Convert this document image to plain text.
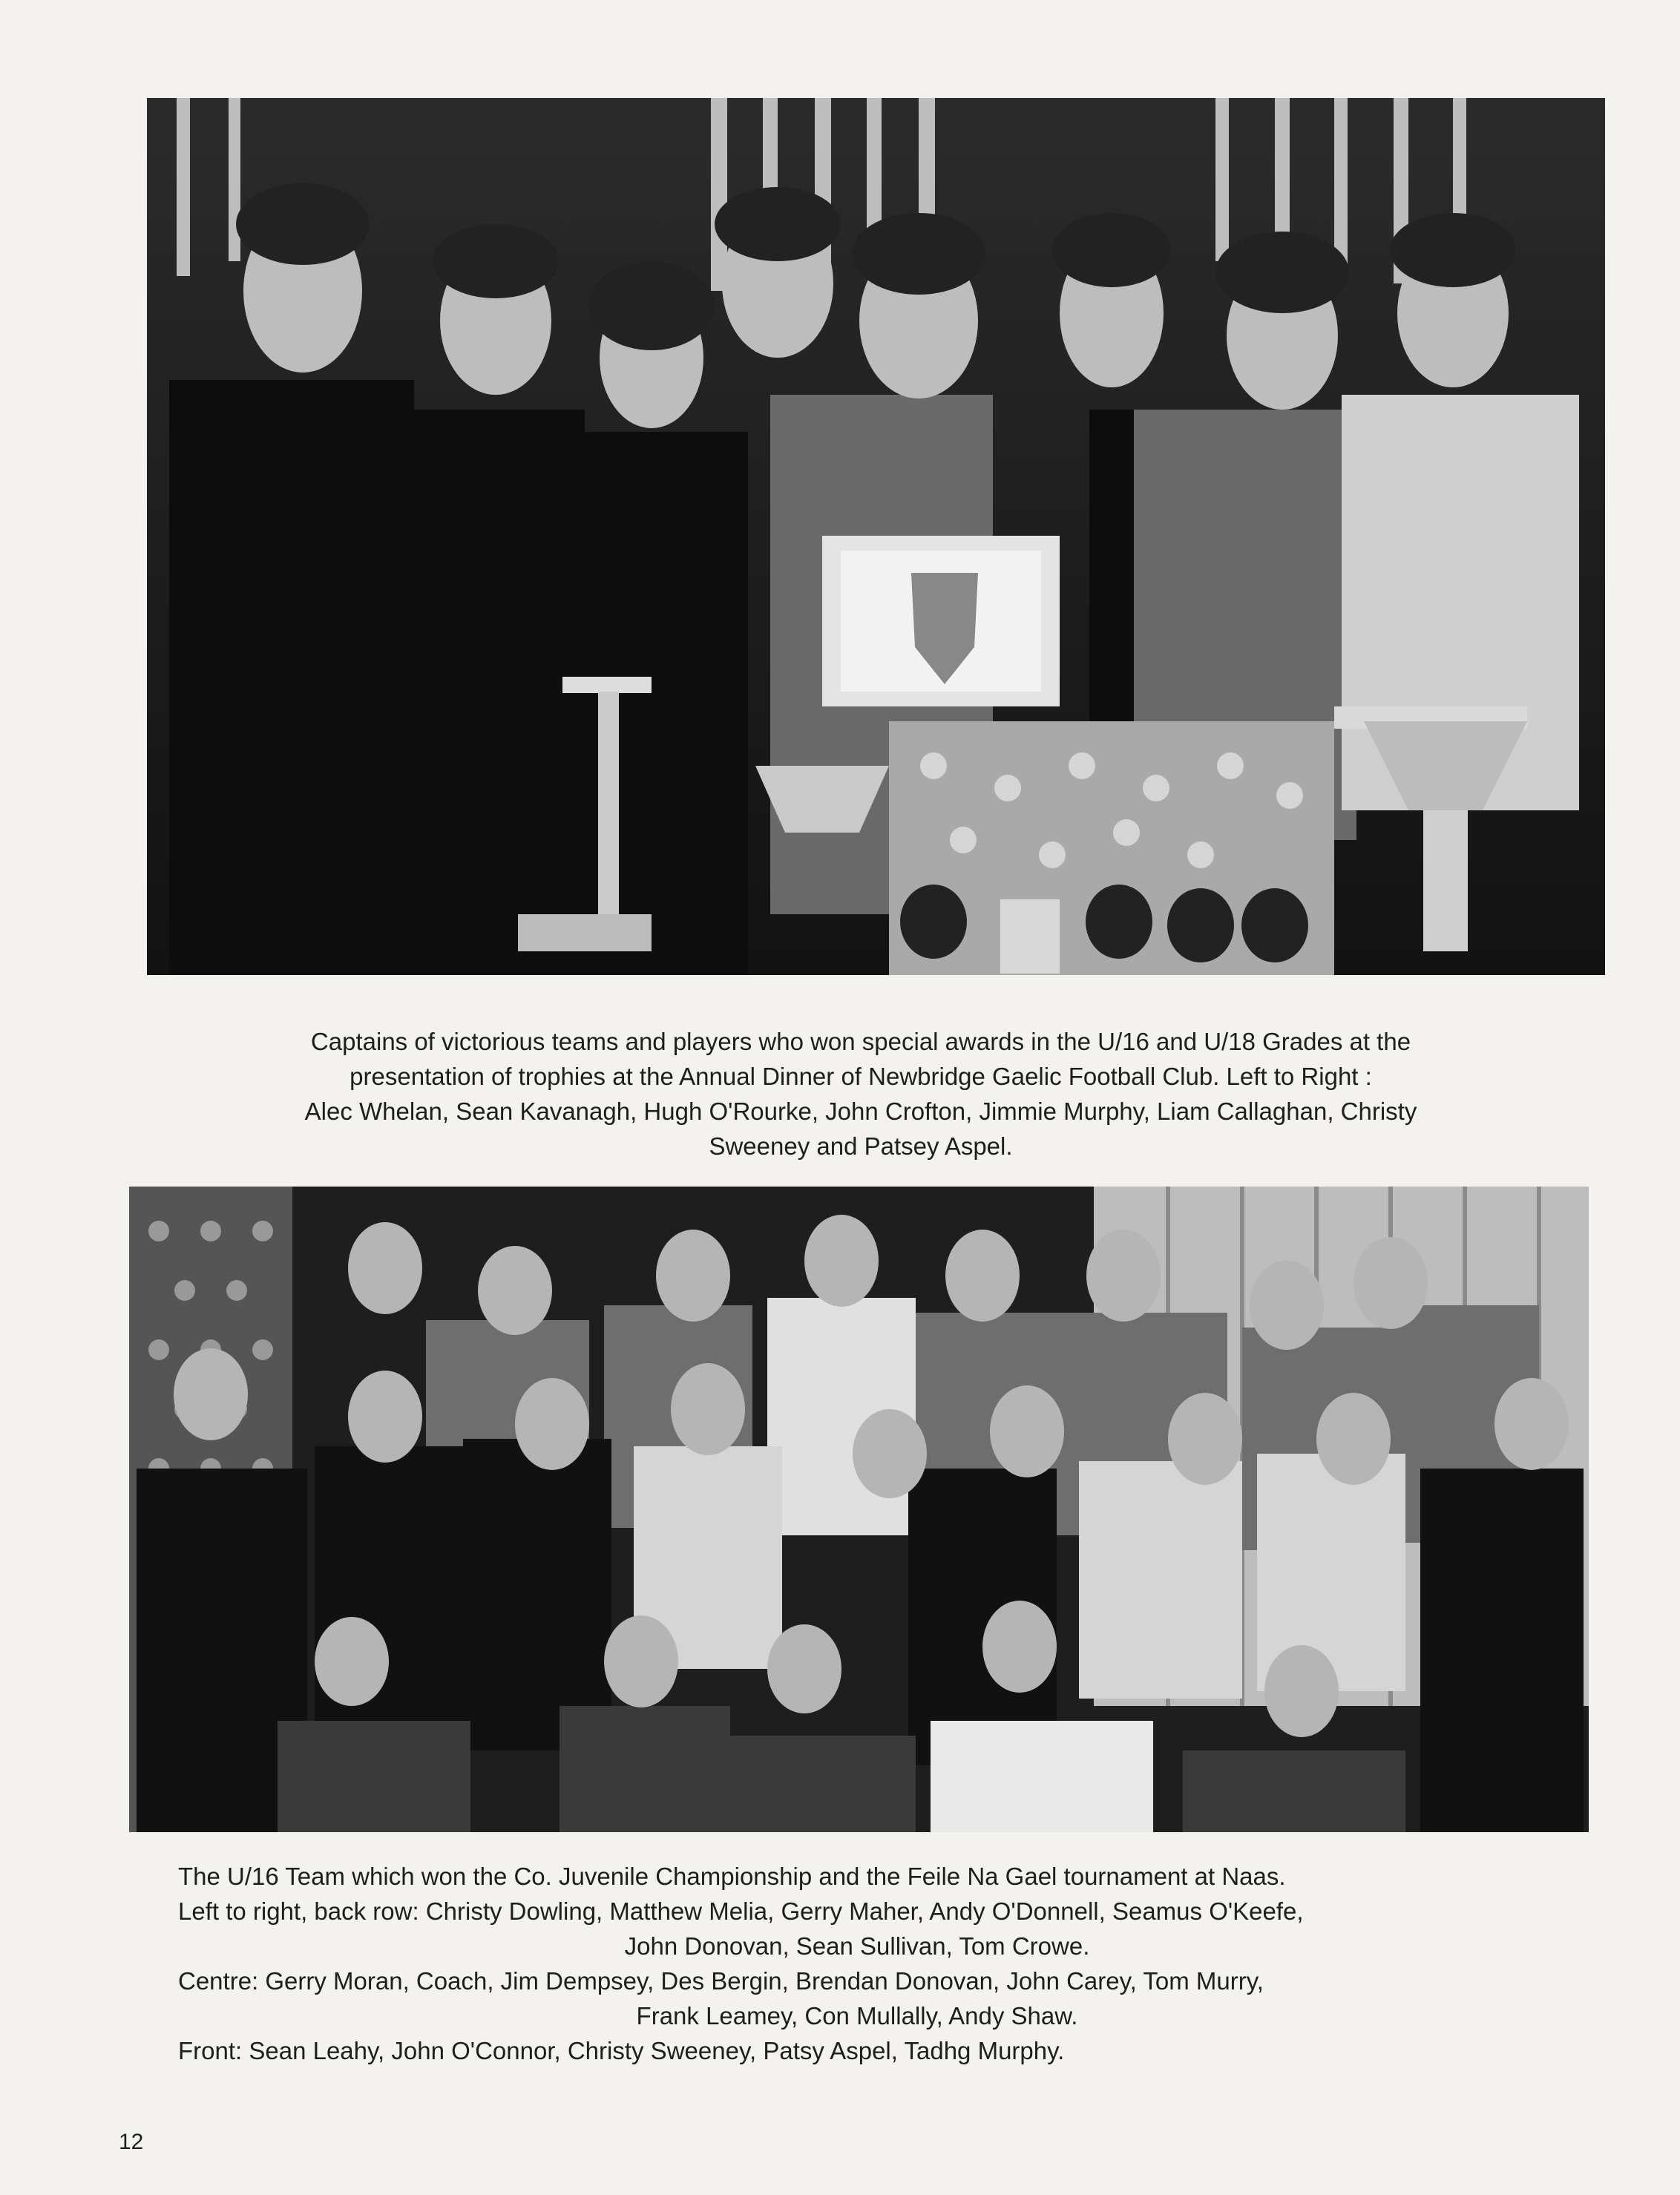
Captains of victorious teams and players who won special awards in the U/16 and U/18 Grades at the
presentation of trophies at the Annual Dinner of Newbridge Gaelic Football Club. Left to Right :
Alec Whelan, Sean Kavanagh, Hugh O'Rourke, John Crofton, Jimmie Murphy, Liam Callaghan, Christy
Sweeney and Patsey Aspel.
The U/16 Team which won the Co. Juvenile Championship and the Feile Na Gael tournament at Naas.
Left to right, back row: Christy Dowling, Matthew Melia, Gerry Maher, Andy O'Donnell, Seamus O'Keefe,
John Donovan, Sean Sullivan, Tom Crowe.
Centre: Gerry Moran, Coach, Jim Dempsey, Des Bergin, Brendan Donovan, John Carey, Tom Murry,
Frank Leamey, Con Mullally, Andy Shaw.
Front: Sean Leahy, John O'Connor, Christy Sweeney, Patsy Aspel, Tadhg Murphy.
12
